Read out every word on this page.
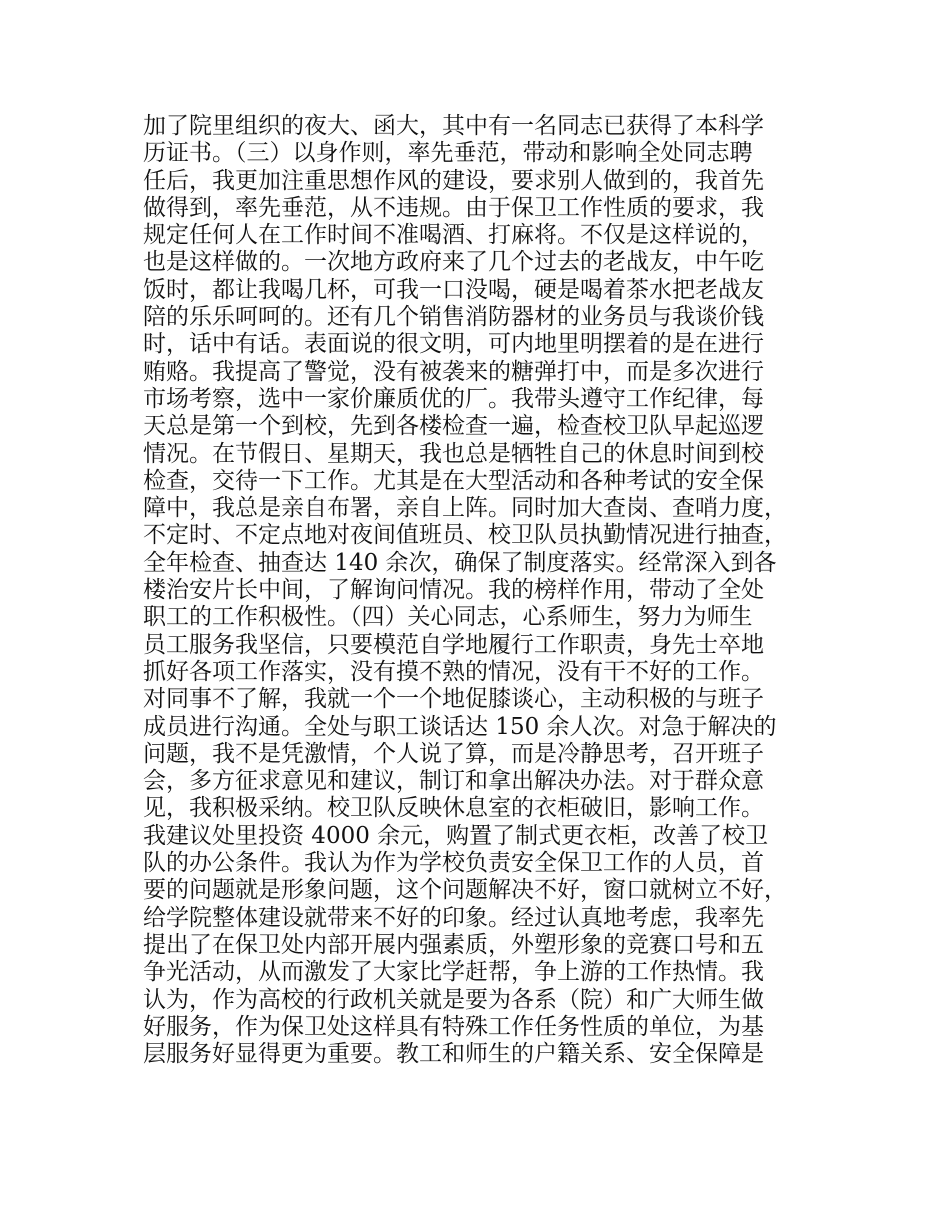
加了院里组织的夜大、函大，其中有一名同志已获得了本科学
历证书。（三）以身作则，率先垂范，带动和影响全处同志聘
任后，我更加注重思想作风的建设，要求别人做到的，我首先
做得到，率先垂范，从不违规。由于保卫工作性质的要求，我
规定任何人在工作时间不准喝酒、打麻将。不仅是这样说的，
也是这样做的。一次地方政府来了几个过去的老战友，中午吃
饭时，都让我喝几杯，可我一口没喝，硬是喝着茶水把老战友
陪的乐乐呵呵的。还有几个销售消防器材的业务员与我谈价钱
时，话中有话。表面说的很文明，可内地里明摆着的是在进行
贿赂。我提高了警觉，没有被袭来的糖弹打中，而是多次进行
市场考察，选中一家价廉质优的厂。我带头遵守工作纪律，每
天总是第一个到校，先到各楼检查一遍，检查校卫队早起巡逻
情况。在节假日、星期天，我也总是牺牲自己的休息时间到校
检查，交待一下工作。尤其是在大型活动和各种考试的安全保
障中，我总是亲自布署，亲自上阵。同时加大查岗、查哨力度，
不定时、不定点地对夜间值班员、校卫队员执勤情况进行抽查，
全年检查、抽查达 140 余次，确保了制度落实。经常深入到各
楼治安片长中间，了解询问情况。我的榜样作用，带动了全处
职工的工作积极性。（四）关心同志，心系师生，努力为师生
员工服务我坚信，只要模范自学地履行工作职责，身先士卒地
抓好各项工作落实，没有摸不熟的情况，没有干不好的工作。
对同事不了解，我就一个一个地促膝谈心，主动积极的与班子
成员进行沟通。全处与职工谈话达 150 余人次。对急于解决的
问题，我不是凭激情，个人说了算，而是冷静思考，召开班子
会，多方征求意见和建议，制订和拿出解决办法。对于群众意
见，我积极采纳。校卫队反映休息室的衣柜破旧，影响工作。
我建议处里投资 4000 余元，购置了制式更衣柜，改善了校卫
队的办公条件。我认为作为学校负责安全保卫工作的人员，首
要的问题就是形象问题，这个问题解决不好，窗口就树立不好，
给学院整体建设就带来不好的印象。经过认真地考虑，我率先
提出了在保卫处内部开展内强素质，外塑形象的竞赛口号和五
争光活动，从而激发了大家比学赶帮，争上游的工作热情。我
认为，作为高校的行政机关就是要为各系（院）和广大师生做
好服务，作为保卫处这样具有特殊工作任务性质的单位，为基
层服务好显得更为重要。教工和师生的户籍关系、安全保障是
